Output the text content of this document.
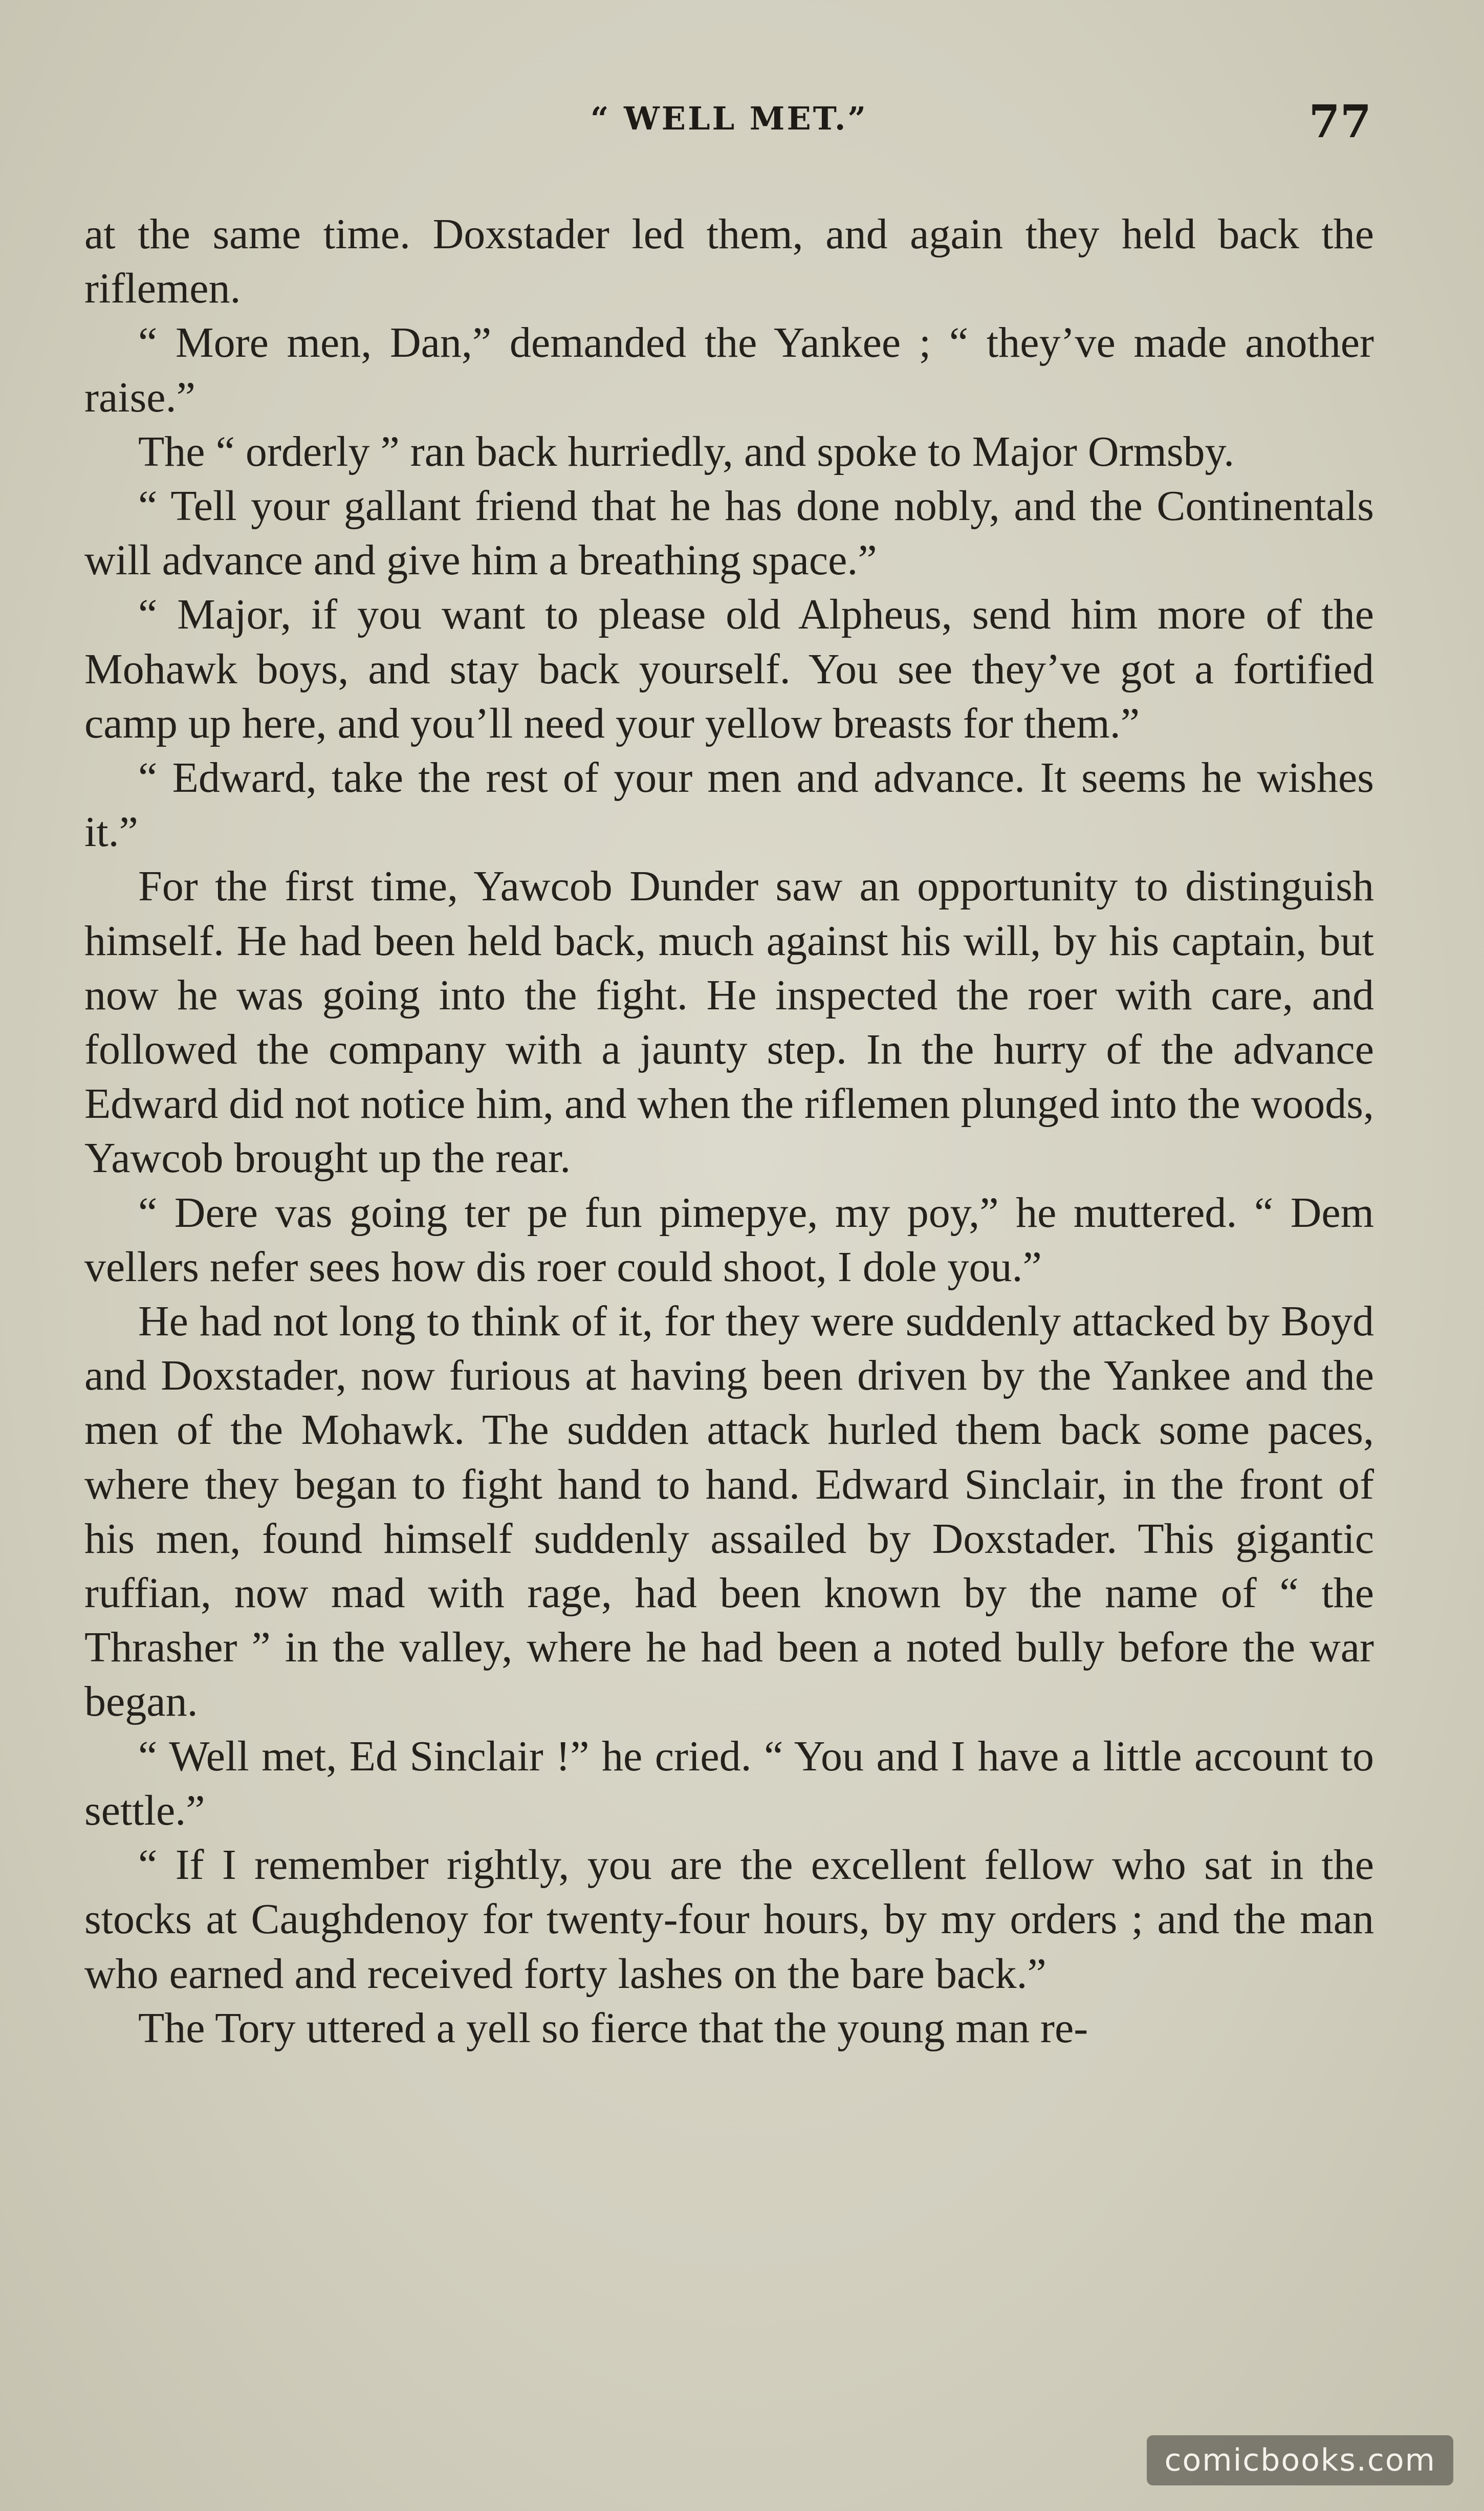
“ WELL MET.”	77

at the same time. Doxstader led them, and again they held back the riflemen.

“ More men, Dan,” demanded the Yankee ; “ they’ve made another raise.”

The “ orderly ” ran back hurriedly, and spoke to Major Ormsby.

“ Tell your gallant friend that he has done nobly, and the Continentals will advance and give him a breathing space.”

“ Major, if you want to please old Alpheus, send him more of the Mohawk boys, and stay back yourself. You see they’ve got a fortified camp up here, and you’ll need your yellow breasts for them.”

“ Edward, take the rest of your men and advance. It seems he wishes it.”

For the first time, Yawcob Dunder saw an opportunity to distinguish himself. He had been held back, much against his will, by his captain, but now he was going into the fight. He inspected the roer with care, and followed the company with a jaunty step. In the hurry of the advance Edward did not notice him, and when the riflemen plunged into the woods, Yawcob brought up the rear.

“ Dere vas going ter pe fun pimepye, my poy,” he muttered. “ Dem vellers nefer sees how dis roer could shoot, I dole you.”

He had not long to think of it, for they were suddenly attacked by Boyd and Doxstader, now furious at having been driven by the Yankee and the men of the Mohawk. The sudden attack hurled them back some paces, where they began to fight hand to hand. Edward Sinclair, in the front of his men, found himself suddenly assailed by Doxstader. This gigantic ruffian, now mad with rage, had been known by the name of “ the Thrasher ” in the valley, where he had been a noted bully before the war began.

“ Well met, Ed Sinclair !” he cried. “ You and I have a little account to settle.”

“ If I remember rightly, you are the excellent fellow who sat in the stocks at Caughdenoy for twenty-four hours, by my orders ; and the man who earned and received forty lashes on the bare back.”

The Tory uttered a yell so fierce that the young man re-

comicbooks.com
